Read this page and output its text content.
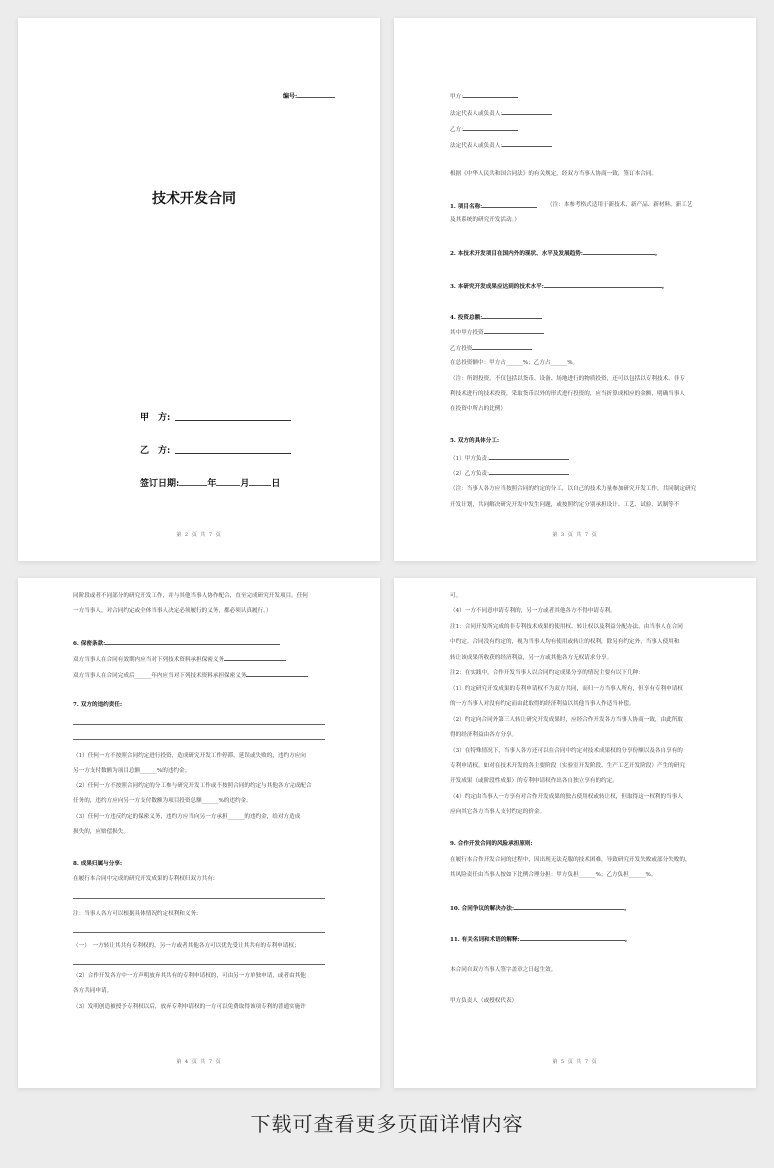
编号:
技术开发合同
甲　方:
乙　方:
签订日期:	年	月 日
第 2 页 共 7 页
甲方:
法定代表人或负责人:
乙方:
法定代表人或负责人:
根据《中华人民共和国合同法》的有关规定，经双方当事人协商一致，签订本合同。
1. 项目名称:
及其系统的研究开发活动。）
2. 本技术开发项目在国内外的现状、水平及发展趋势:	。
3. 本研究开发成果应达到的技术水平:	。
4. 投资总额:
其中甲方投资
乙方投资
在总投资额中：甲方占______%；乙方占______%。
（注：所谓投资，不仅包括以货币、设备、场地进行的物质投资，还可以包括以专利技术、非专
利技术进行的技术投资，采取货币以外的形式进行投资的，应当折算成相应的金额，明确当事人
在投资中所占的比例）
5. 双方的具体分工:
（1）甲方负责:
（2）乙方负责:
（注：当事人各方应当按照合同的约定的分工，以自己的技术力量参加研究开发工作，共同制定研究
开发计划，共同解决研究开发中发生问题，或按照约定分别承担设计、工艺、试验、试制等不
（注：本参考格式适用于新技术、新产品、新材料、新工艺
第 3 页 共 7 页
同阶段或者不同部分的研究开发工作，并与其他当事人协作配合，直至完成研究开发项目。任何
一方当事人，对合同约定或全体当事人决定必须履行的义务，都必须认真履行。）
6. 保密条款:
双方当事人在合同有效期内应当对下列技术资料承担保密义务
双方当事人在合同完成后______年内应当对下列技术资料承担保密义务
7. 双方的违约责任:
（1）任何一方不按照合同约定进行投资，造成研究开发工作停滞、延误或失败的，违约方应向
另一方支付数额为项目总额______%的违约金；
（2）任何一方不按照合同约定的分工参与研究开发工作或不按照合同的约定与其他各方完成配合
任务的，违约方应向另一方支付数额为项目投资总额______%的违约金。
（3）任何一方违反约定的保密义务，违约方应当向另一方承担______的违约金，给对方造成
损失的，应赔偿损失。
8. 成果归属与分享:
在履行本合同中完成的研究开发成果的专利权归双方共有:
注：当事人各方可以根据具体情况约定权利和义务:
（一）　一方转让其共有专利权的，另一方或者其他各方可以优先受让其共有的专利申请权；
（2）合作开发各方中一方声明放弃其共有的专利申请权的，可由另一方单独申请，或者由其他
各方共同申请。
（3）发明创造被授予专利权以后，放弃专利申请权的一方可以免费取得该项专利的普通实施许
第 4 页 共 7 页
可。
（4）一方不同意申请专利的，另一方或者其他各方不得申请专利。
注1：合同开发所完成的非专利技术成果的使用权、转让权以及利益分配办法，由当事人在合同
中约定。合同没有约定的，视为当事人均有使用或转让的权利，除另有约定外，当事人使用和
转让该成果所收获的经济利益，另一方或其他各方无权请求分享。
注2：在实践中，合作开发当事人以合同约定成果分享的情况主要有以下几种：
（1）约定研究开发成果的专利申请权不为双方共同，而归一方当事人所有，但享有专利申请权
的一方当事人对没有约定而由此取得的经济利益以其他当事人作适当补偿。
（2）约定向合同外第三人转让研究开发成果时，应经合作开发各方当事人协商一致，由此所取
得的经济利益由各方分享。
（3）在特殊情况下，当事人各方还可以在合同中约定对技术成果权的分享份额以及各自享有的
专利申请权，如对在技术开发的各主要阶段（实验室开发阶段、生产工艺开发阶段）产生的研究
开发成果（或阶段性成果）的专利申请权作出各自独立享有的约定。
（4）约定由当事人一方享有对合作开发成果的独占使用权或转让权，但取得这一权利的当事人
应向其它各方当事人支付约定的价金。
9. 合作开发合同的风险承担原则:
在履行本合作开发合同的过程中，因出现无法克服的技术困难，导致研究开发失败或部分失败的，
其风险责任由当事人按如下比例合理分担：甲方负担______%；乙方负担______%。
10. 合同争议的解决办法:	。
11. 有关名词和术语的解释:	。
本合同自双方当事人签字盖章之日起生效。
甲方负责人（或授权代表）
第 5 页 共 7 页
下载可查看更多页面详情内容
